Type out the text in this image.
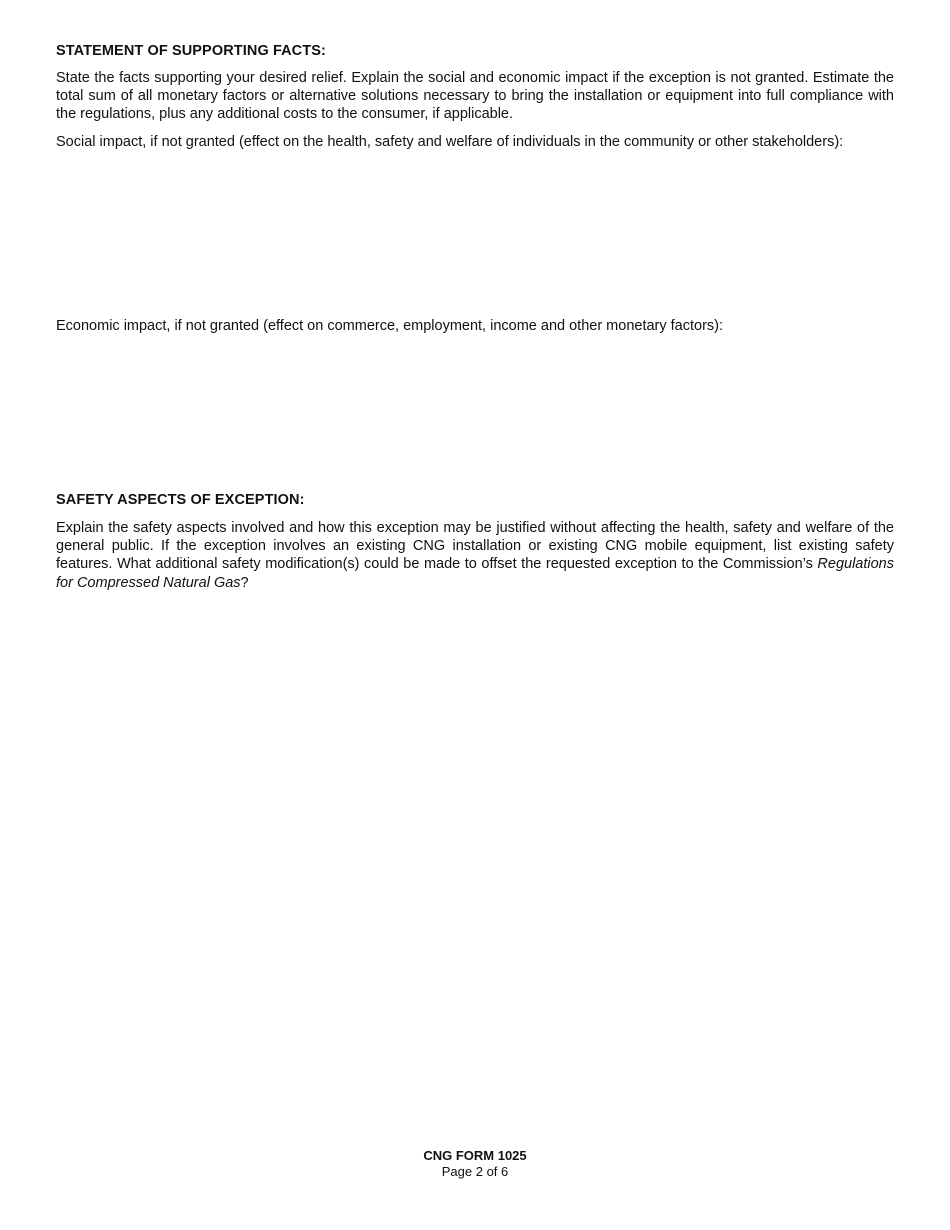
STATEMENT OF SUPPORTING FACTS:

State the facts supporting your desired relief. Explain the social and economic impact if the exception is not granted. Estimate the total sum of all monetary factors or alternative solutions necessary to bring the installation or equipment into full compliance with the regulations, plus any additional costs to the consumer, if applicable.

Social impact, if not granted (effect on the health, safety and welfare of individuals in the community or other stakeholders):

Economic impact, if not granted (effect on commerce, employment, income and other monetary factors):

SAFETY ASPECTS OF EXCEPTION:

Explain the safety aspects involved and how this exception may be justified without affecting the health, safety and welfare of the general public. If the exception involves an existing CNG installation or existing CNG mobile equipment, list existing safety features. What additional safety modification(s) could be made to offset the requested exception to the Commission’s Regulations for Compressed Natural Gas?

CNG FORM 1025
Page 2 of 6
